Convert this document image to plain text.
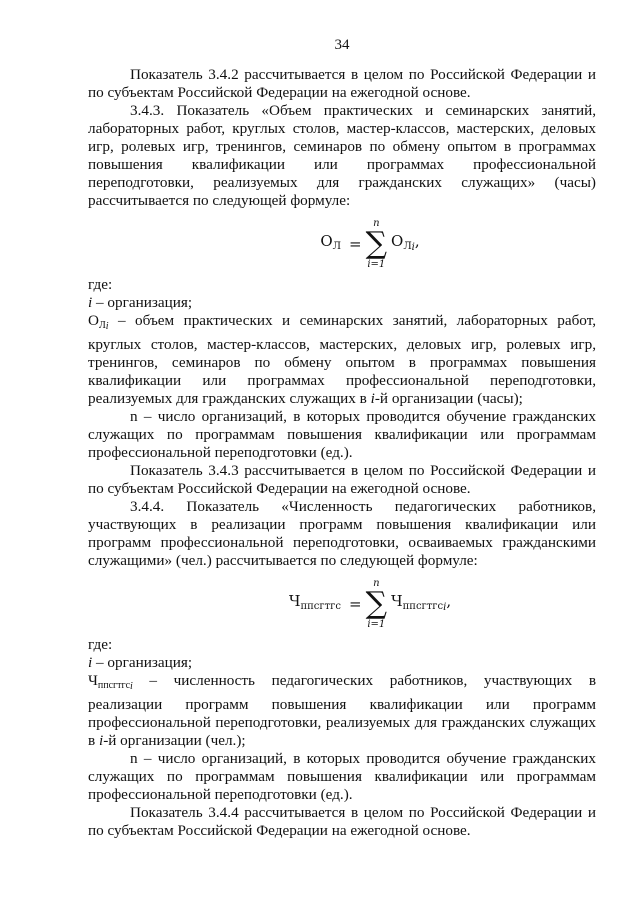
34

Показатель 3.4.2 рассчитывается в целом по Российской Федерации и по субъектам Российской Федерации на ежегодной основе.

3.4.3. Показатель «Объем практических и семинарских занятий, лабораторных работ, круглых столов, мастер-классов, мастерских, деловых игр, ролевых игр, тренингов, семинаров по обмену опытом в программах повышения квалификации или программах профессиональной переподготовки, реализуемых для гражданских служащих» (часы) рассчитывается по следующей формуле:

$О_Л$ =
n
∑
i=1
$О_{Лi}$,

где:

i – организация;

$О_{Лi}$ – объем практических и семинарских занятий, лабораторных работ, круглых столов, мастер-классов, мастерских, деловых игр, ролевых игр, тренингов, семинаров по обмену опытом в программах повышения квалификации или программах профессиональной переподготовки, реализуемых для гражданских служащих в i-й организации (часы);

n – число организаций, в которых проводится обучение гражданских служащих по программам повышения квалификации или программам профессиональной переподготовки (ед.).

Показатель 3.4.3 рассчитывается в целом по Российской Федерации и по субъектам Российской Федерации на ежегодной основе.

3.4.4. Показатель «Численность педагогических работников, участвующих в реализации программ повышения квалификации или программ профессиональной переподготовки, осваиваемых гражданскими служащими» (чел.) рассчитывается по следующей формуле:

$Ч_{ппсгтгс}$ =
n
∑
i=1
$Ч_{ппсгтгсi}$,

где:

i – организация;

$Ч_{ппсгтгсi}$ – численность педагогических работников, участвующих в реализации программ повышения квалификации или программ профессиональной переподготовки, реализуемых для гражданских служащих в i-й организации (чел.);

n – число организаций, в которых проводится обучение гражданских служащих по программам повышения квалификации или программам профессиональной переподготовки (ед.).

Показатель 3.4.4 рассчитывается в целом по Российской Федерации и по субъектам Российской Федерации на ежегодной основе.
